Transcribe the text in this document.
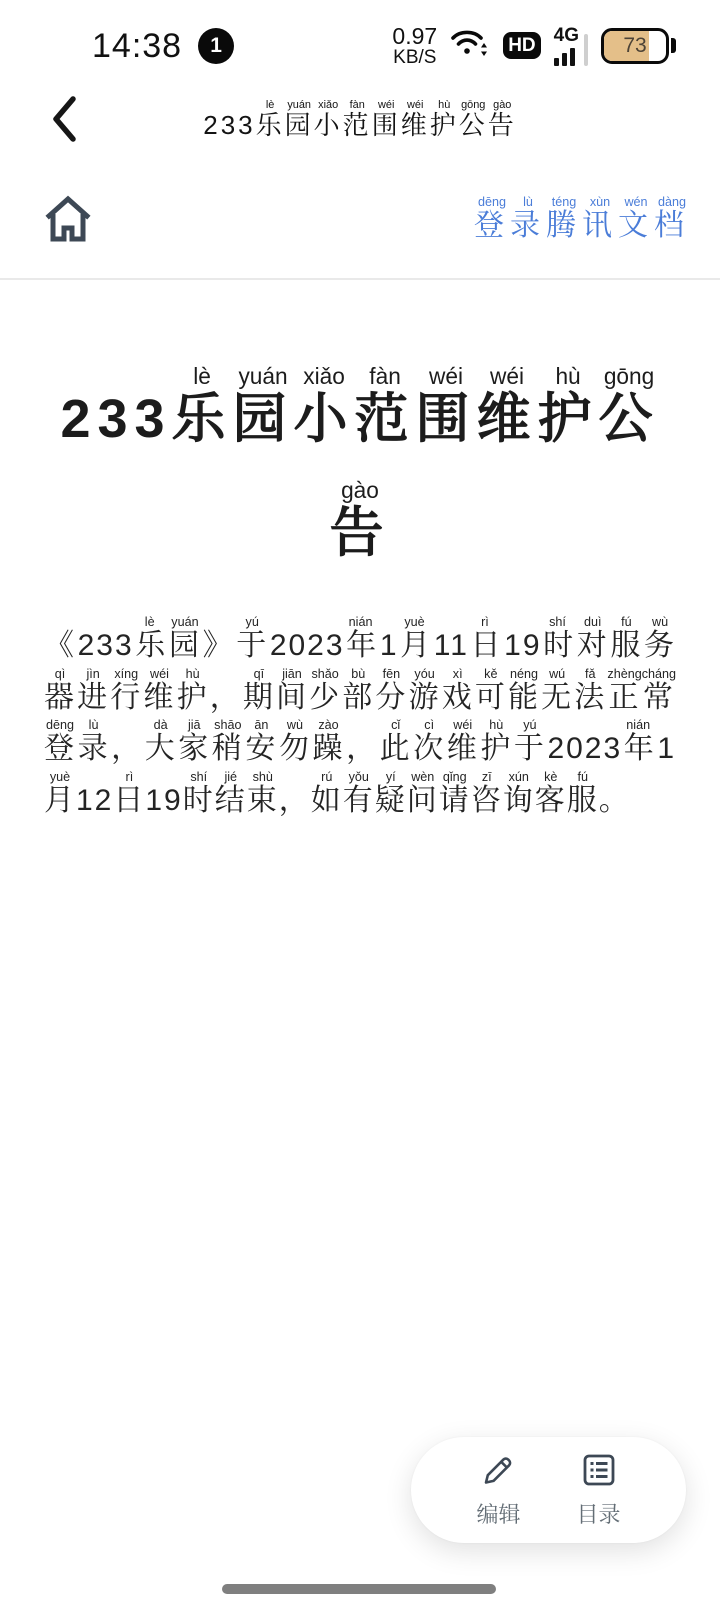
14:38	1	0.97
KB/S
HD 4G	73
233乐lè园yuán小xiǎo范fàn围wéi维wéi护hù公gōng告gào
登dēng录lù腾téng讯xùn文wén档dàng
233乐lè园yuán小xiǎo范fàn围wéi维wéi护hù公gōng
告gào

《233乐lè园yuán》于yú2023年nián1月yuè11日rì19时shí对duì服fú务wù器qì进jìn行xíng维wéi护hù，期qī间jiān少shǎo部bù分fēn游yóu戏xì可kě能néng无wú法fǎ正zhèng常cháng登dēng录lù，大dà家jiā稍shāo安ān勿wù躁zào，此cǐ次cì维wéi护hù于yú2023年nián1月yuè12日rì19时shí结jié束shù，如rú有yǒu疑yí问wèn请qǐng咨zī询xún客kè服fú。

编辑	目录
